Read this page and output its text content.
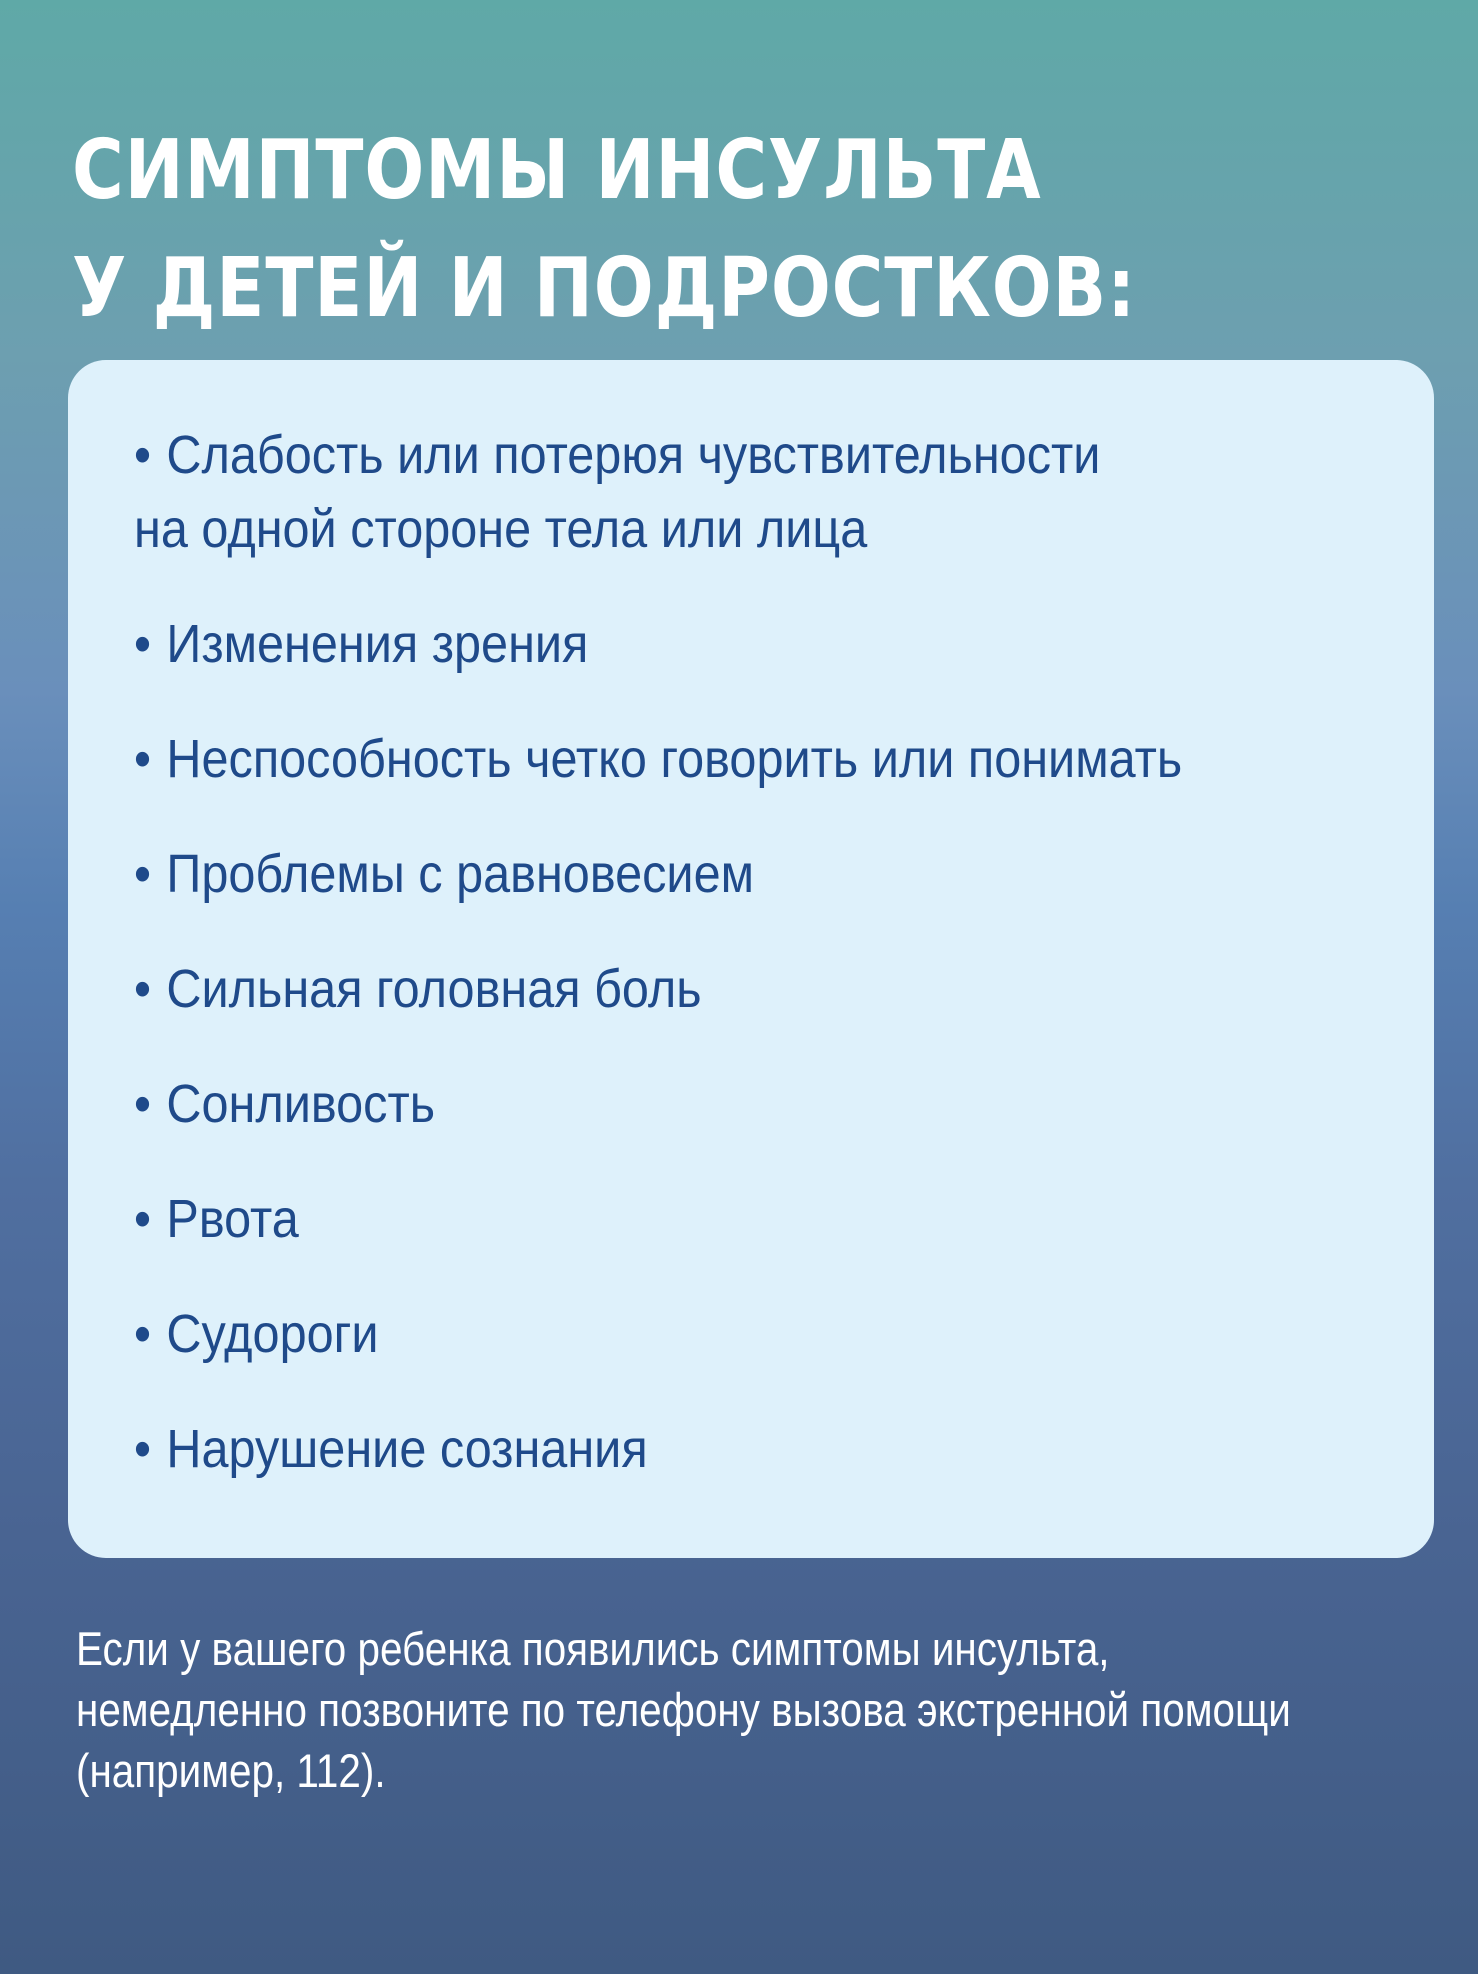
СИМПТОМЫ ИНСУЛЬТА
У ДЕТЕЙ И ПОДРОСТКОВ:
• Слабость или потерюя чувствительности
на одной стороне тела или лица
• Изменения зрения
• Неспособность четко говорить или понимать
• Проблемы с равновесием
• Сильная головная боль
• Сонливость
• Рвота
• Судороги
• Нарушение сознания

Если у вашего ребенка появились симптомы инсульта,
немедленно позвоните по телефону вызова экстренной помощи
(например, 112).
